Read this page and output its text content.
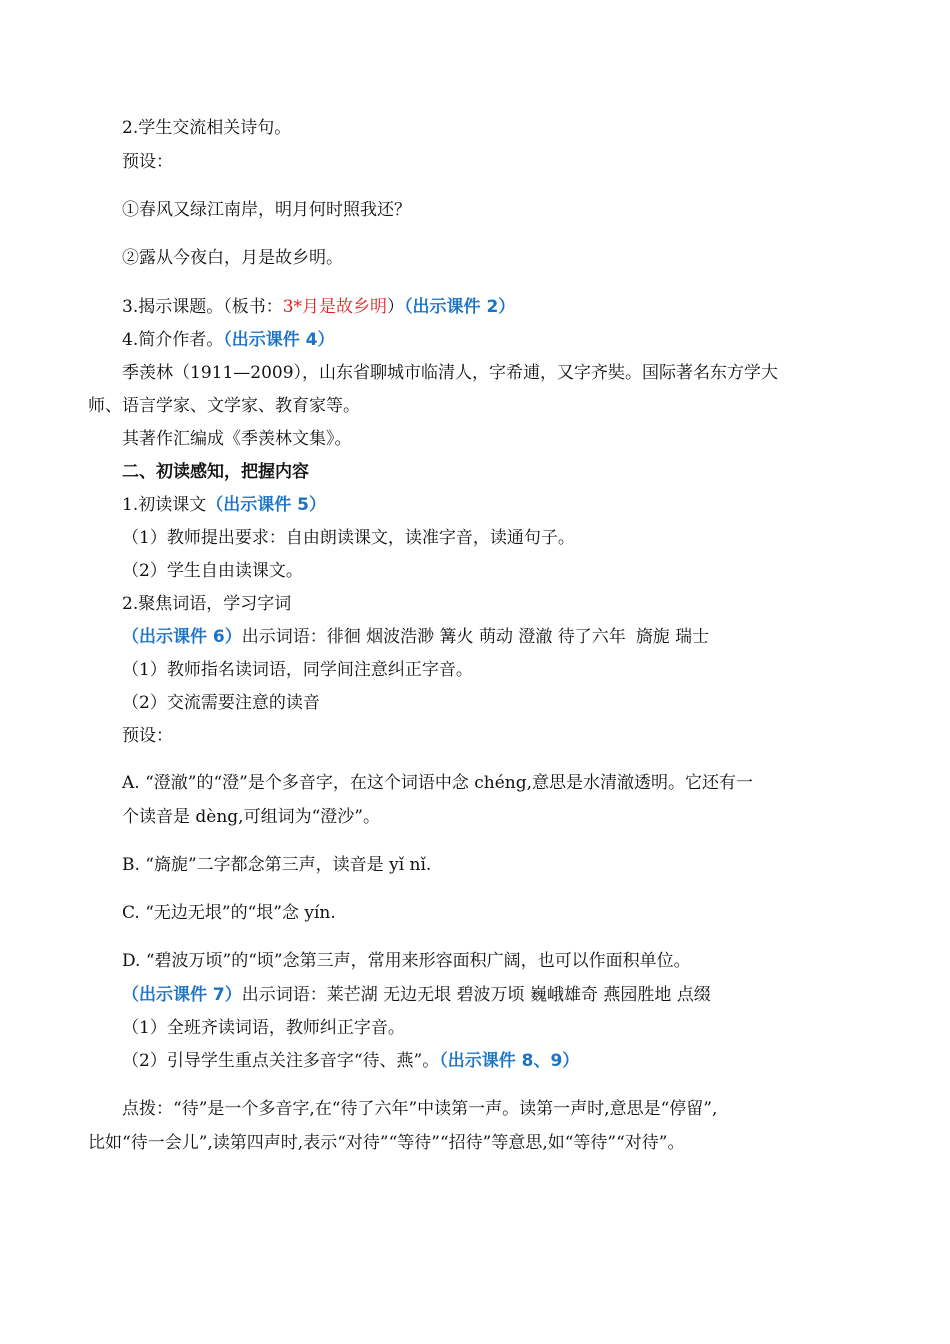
2.学生交流相关诗句。
预设：
①春风又绿江南岸，明月何时照我还？
②露从今夜白，月是故乡明。
3.揭示课题。（板书：3*月是故乡明）（出示课件 2）
4.简介作者。（出示课件 4）
季羡林（1911—2009），山东省聊城市临清人，字希逋，又字齐奘。国际著名东方学大
师、语言学家、文学家、教育家等。
其著作汇编成《季羡林文集》。
二、初读感知，把握内容
1.初读课文（出示课件 5）
（1）教师提出要求：自由朗读课文，读准字音，读通句子。
（2）学生自由读课文。
2.聚焦词语，学习字词
（出示课件 6）出示词语：徘徊 烟波浩渺 篝火 萌动 澄澈 待了六年 旖旎 瑞士
（1）教师指名读词语，同学间注意纠正字音。
（2）交流需要注意的读音
预设：
A. “澄澈”的“澄”是个多音字，在这个词语中念 chéng,意思是水清澈透明。它还有一
个读音是 dèng,可组词为“澄沙”。
B. “旖旎”二字都念第三声，读音是 yǐ nǐ.
C. “无边无垠”的“垠”念 yín.
D. “碧波万顷”的“顷”念第三声，常用来形容面积广阔，也可以作面积单位。
（出示课件 7）出示词语：莱芒湖 无边无垠 碧波万顷 巍峨雄奇 燕园胜地 点缀
（1）全班齐读词语，教师纠正字音。
（2）引导学生重点关注多音字“待、燕”。（出示课件 8、9）
点拨：“待”是一个多音字,在“待了六年”中读第一声。读第一声时,意思是“停留”,
比如“待一会儿”,读第四声时,表示“对待”“等待”“招待”等意思,如“等待”“对待”。
